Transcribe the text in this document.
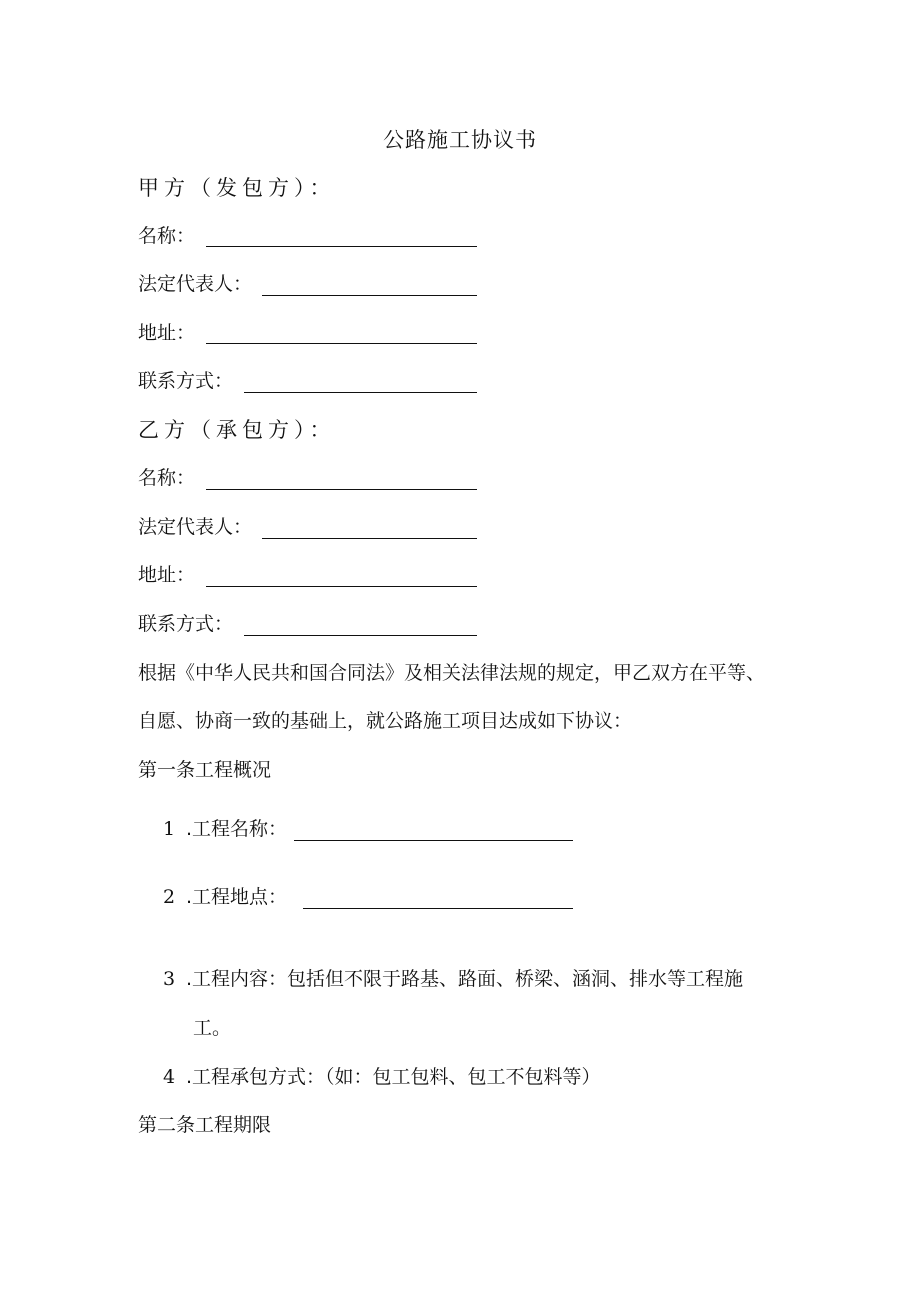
公路施工协议书
甲方（发包方）：
名称：
法定代表人：
地址：
联系方式：
乙方（承包方）：
名称：
法定代表人：
地址：
联系方式：
根据《中华人民共和国合同法》及相关法律法规的规定，甲乙双方在平等、
自愿、协商一致的基础上，就公路施工项目达成如下协议：
第一条工程概况
1 .工程名称：
2 .工程地点：
3 .工程内容：包括但不限于路基、路面、桥梁、涵洞、排水等工程施
工。
4 .工程承包方式：（如：包工包料、包工不包料等）
第二条工程期限
